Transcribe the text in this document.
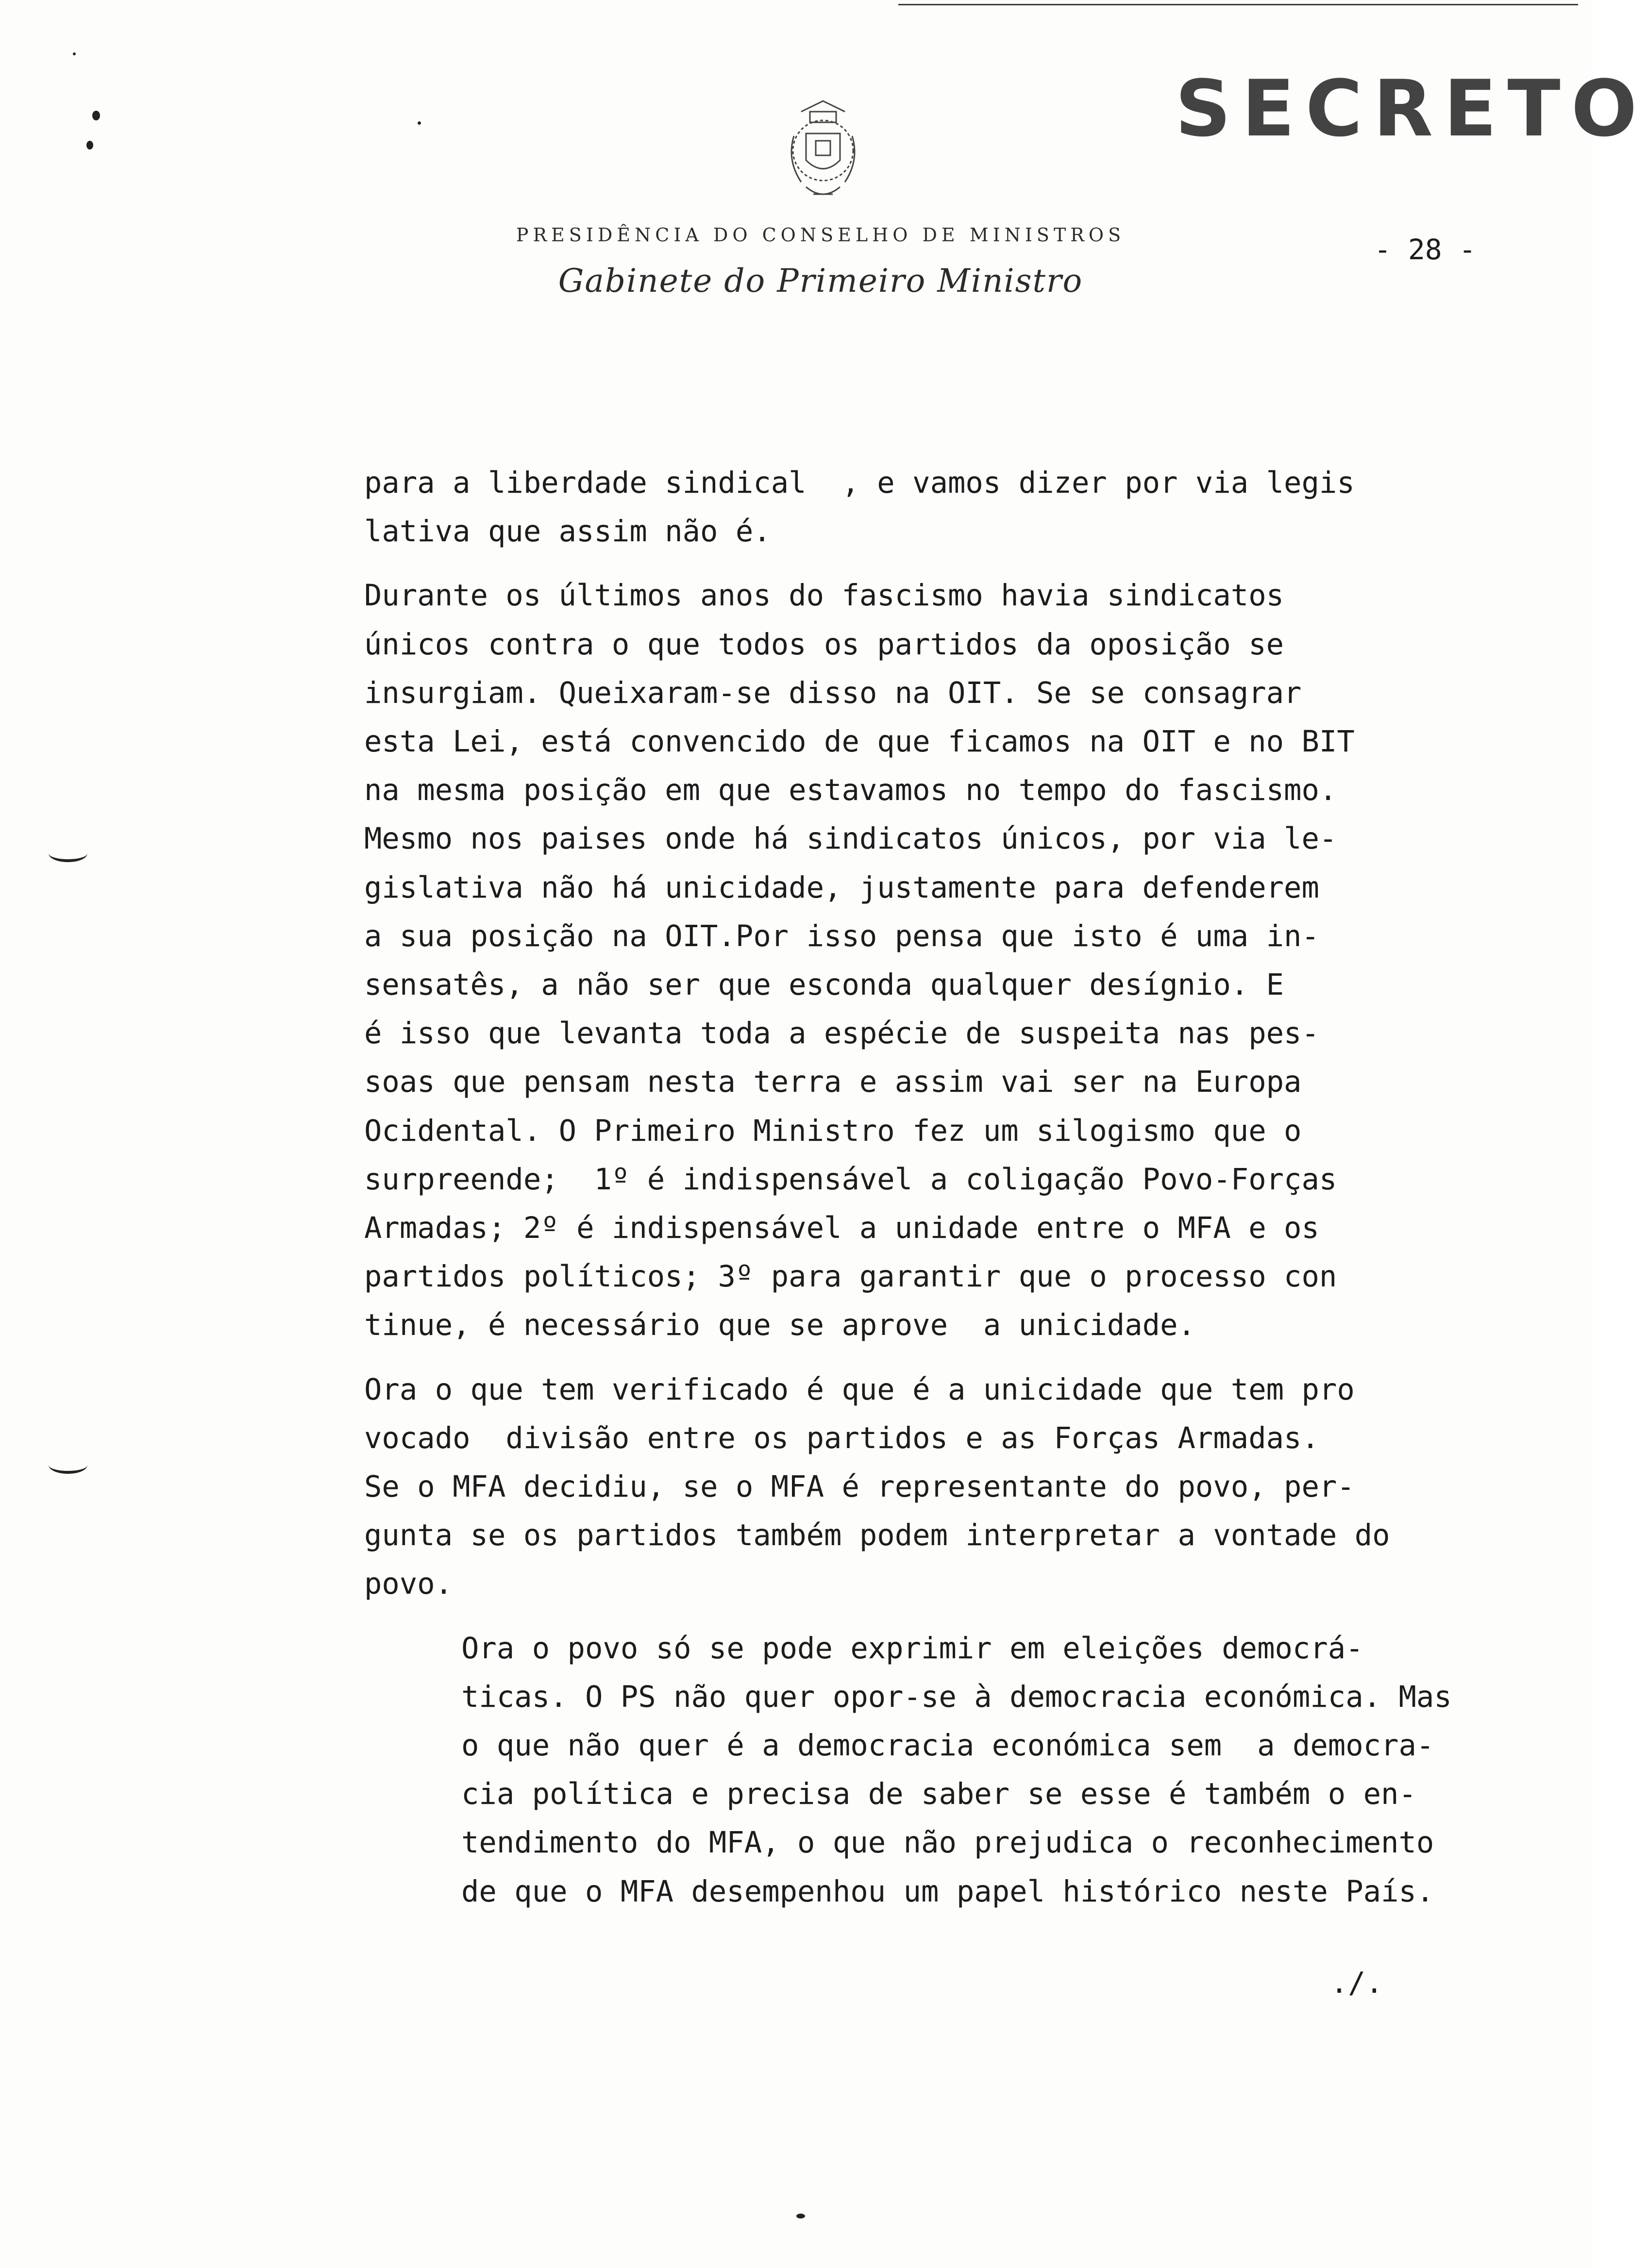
SECRETO
PRESIDÊNCIA DO CONSELHO DE MINISTROS
Gabinete do Primeiro Ministro
- 28 -

para a liberdade sindical  , e vamos dizer por via legis
lativa que assim não é.

Durante os últimos anos do fascismo havia sindicatos
únicos contra o que todos os partidos da oposição se
insurgiam. Queixaram-se disso na OIT. Se se consagrar
esta Lei, está convencido de que ficamos na OIT e no BIT
na mesma posição em que estavamos no tempo do fascismo.
Mesmo nos paises onde há sindicatos únicos, por via le-
gislativa não há unicidade, justamente para defenderem
a sua posição na OIT.Por isso pensa que isto é uma in-
sensatês, a não ser que esconda qualquer desígnio. E
é isso que levanta toda a espécie de suspeita nas pes-
soas que pensam nesta terra e assim vai ser na Europa
Ocidental. O Primeiro Ministro fez um silogismo que o
surpreende;  1º é indispensável a coligação Povo-Forças
Armadas; 2º é indispensável a unidade entre o MFA e os
partidos políticos; 3º para garantir que o processo con
tinue, é necessário que se aprove  a unicidade.

Ora o que tem verificado é que é a unicidade que tem pro
vocado  divisão entre os partidos e as Forças Armadas.
Se o MFA decidiu, se o MFA é representante do povo, per-
gunta se os partidos também podem interpretar a vontade do
povo.

Ora o povo só se pode exprimir em eleições democrá-
ticas. O PS não quer opor-se à democracia económica. Mas
o que não quer é a democracia económica sem  a democra-
cia política e precisa de saber se esse é também o en-
tendimento do MFA, o que não prejudica o reconhecimento
de que o MFA desempenhou um papel histórico neste País.

./.
